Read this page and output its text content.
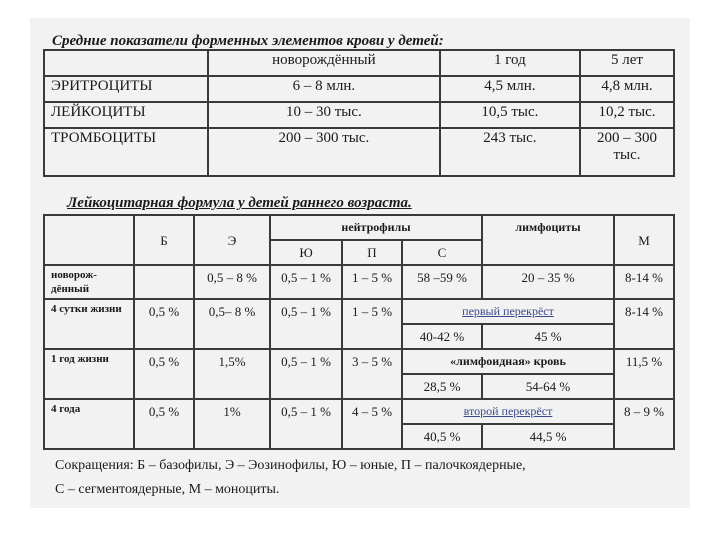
Средние показатели форменных элементов крови у детей:
	новорождённый	1 год	5 лет
ЭРИТРОЦИТЫ	6 – 8 млн.	4,5 млн.	4,8 млн.
ЛЕЙКОЦИТЫ	10 – 30 тыс.	10,5 тыс.	10,2 тыс.
ТРОМБОЦИТЫ	200 – 300 тыс.	243 тыс.	200 – 300 тыс.
Лейкоцитарная формула у детей раннего возраста.
	Б	Э	нейтрофилы			лимфоциты	М
			Ю	П	С		
новорож-дённый		0,5 – 8 %	0,5 – 1 %	1 – 5 %	58 –59 %	20 – 35 %	8-14 %
4 сутки жизни	0,5 %	0,5– 8 %	0,5 – 1 %	1 – 5 %	первый перекрёст		8-14 %
					40-42 %	45 %	
1 год жизни	0,5 %	1,5%	0,5 – 1 %	3 – 5 %	«лимфоидная» кровь		11,5 %
					28,5 %	54-64 %	
4 года	0,5 %	1%	0,5 – 1 %	4 – 5 %	второй перекрёст		8 – 9 %
					40,5 %	44,5 %	
Сокращения: Б – базофилы, Э – Эозинофилы, Ю – юные, П – палочкоядерные,
С – сегментоядерные, М – моноциты.
